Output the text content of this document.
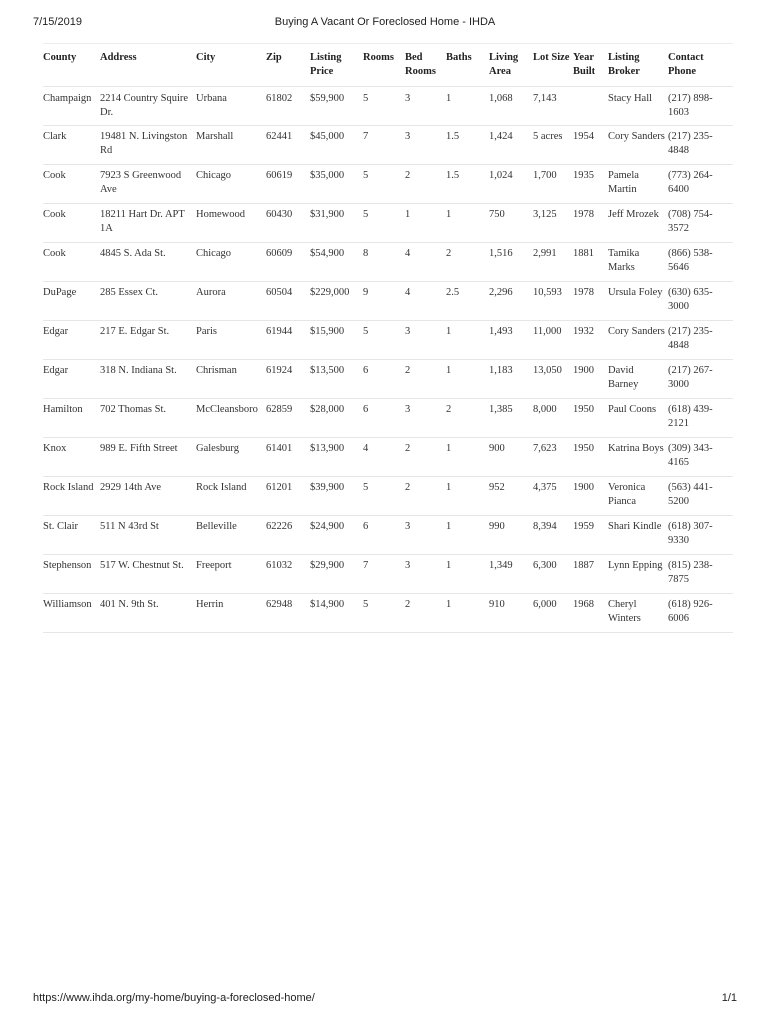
7/15/2019	Buying A Vacant Or Foreclosed Home - IHDA
County	Address	City	Zip	Listing Price	Rooms	Bed Rooms	Baths	Living Area	Lot Size	Year Built	Listing Broker	Contact Phone
Champaign	2214 Country Squire Dr.	Urbana	61802	$59,900	5	3	1	1,068	7,143		Stacy Hall	(217) 898-1603
Clark	19481 N. Livingston Rd	Marshall	62441	$45,000	7	3	1.5	1,424	5 acres	1954	Cory Sanders	(217) 235-4848
Cook	7923 S Greenwood Ave	Chicago	60619	$35,000	5	2	1.5	1,024	1,700	1935	Pamela Martin	(773) 264-6400
Cook	18211 Hart Dr. APT 1A	Homewood	60430	$31,900	5	1	1	750	3,125	1978	Jeff Mrozek	(708) 754-3572
Cook	4845 S. Ada St.	Chicago	60609	$54,900	8	4	2	1,516	2,991	1881	Tamika Marks	(866) 538-5646
DuPage	285 Essex Ct.	Aurora	60504	$229,000	9	4	2.5	2,296	10,593	1978	Ursula Foley	(630) 635-3000
Edgar	217 E. Edgar St.	Paris	61944	$15,900	5	3	1	1,493	11,000	1932	Cory Sanders	(217) 235-4848
Edgar	318 N. Indiana St.	Chrisman	61924	$13,500	6	2	1	1,183	13,050	1900	David Barney	(217) 267-3000
Hamilton	702 Thomas St.	McCleansboro	62859	$28,000	6	3	2	1,385	8,000	1950	Paul Coons	(618) 439-2121
Knox	989 E. Fifth Street	Galesburg	61401	$13,900	4	2	1	900	7,623	1950	Katrina Boys	(309) 343-4165
Rock Island	2929 14th Ave	Rock Island	61201	$39,900	5	2	1	952	4,375	1900	Veronica Pianca	(563) 441-5200
St. Clair	511 N 43rd St	Belleville	62226	$24,900	6	3	1	990	8,394	1959	Shari Kindle	(618) 307-9330
Stephenson	517 W. Chestnut St.	Freeport	61032	$29,900	7	3	1	1,349	6,300	1887	Lynn Epping	(815) 238-7875
Williamson	401 N. 9th St.	Herrin	62948	$14,900	5	2	1	910	6,000	1968	Cheryl Winters	(618) 926-6006
https://www.ihda.org/my-home/buying-a-foreclosed-home/	1/1
